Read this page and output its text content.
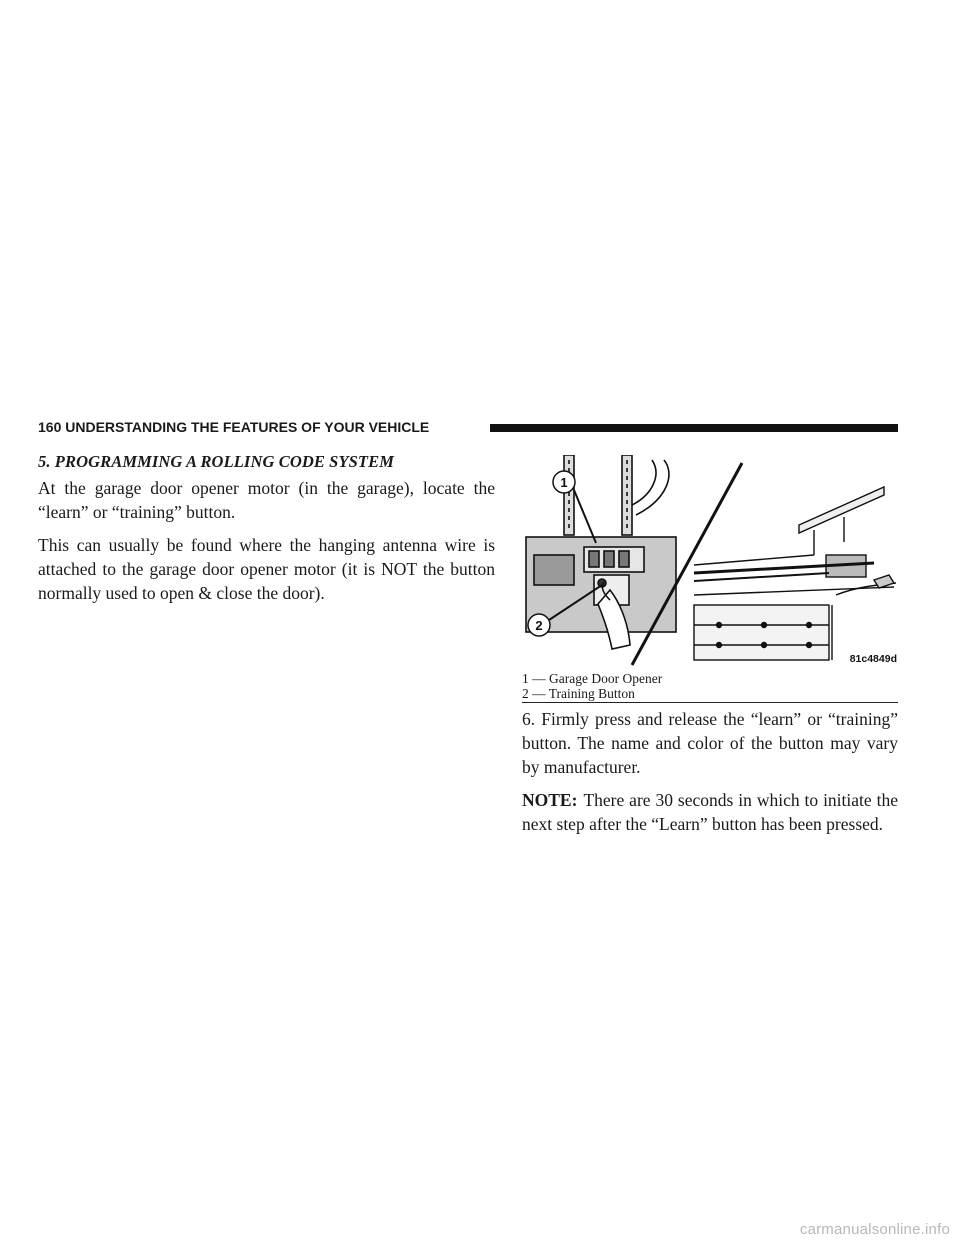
160 UNDERSTANDING THE FEATURES OF YOUR VEHICLE
5. PROGRAMMING A ROLLING CODE SYSTEM

At the garage door opener motor (in the garage), locate the “learn” or “training” button.

This can usually be found where the hanging antenna wire is attached to the garage door opener motor (it is NOT the button normally used to open & close the door).

1
2
81c4849d
1 — Garage Door Opener
2 — Training Button

6. Firmly press and release the “learn” or “training” button. The name and color of the button may vary by manufacturer.

NOTE: There are 30 seconds in which to initiate the next step after the “Learn” button has been pressed.

carmanualsonline.info
